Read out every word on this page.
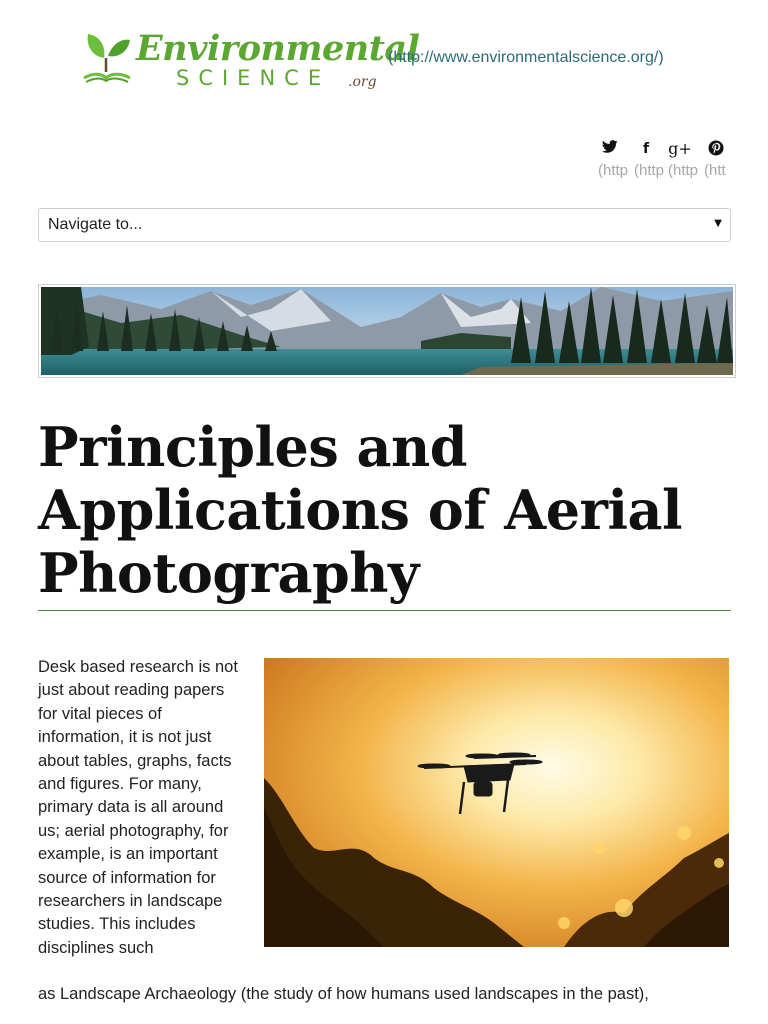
Environmental
SCIENCE .org
(http://www.environmentalscience.org/)
(http
f
(http
g+
(http (htt
Navigate to...	▼
Principles and Applications of Aerial Photography

Desk based research is not just about reading papers for vital pieces of information, it is not just about tables, graphs, facts and figures. For many, primary data is all around us; aerial photography, for example, is an important source of information for researchers in landscape studies. This includes disciplines such

as Landscape Archaeology (the study of how humans used landscapes in the past),
